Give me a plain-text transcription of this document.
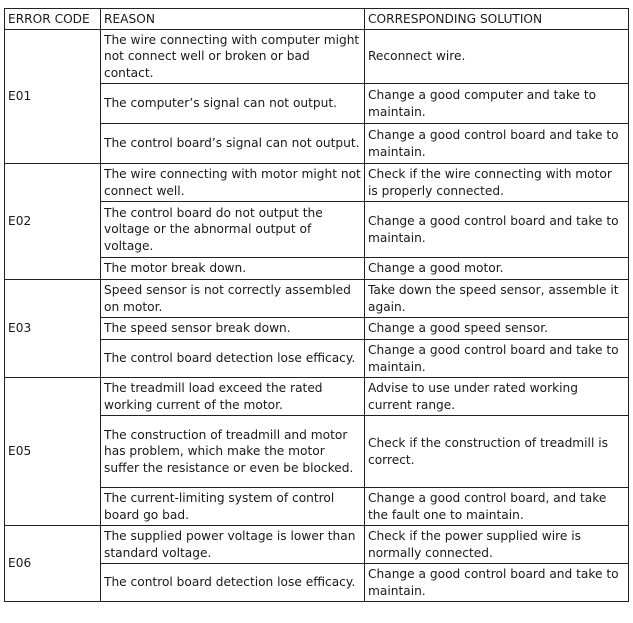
ERROR CODE	REASON	CORRESPONDING SOLUTION
E01	The wire connecting with computer might not connect well or broken or bad contact.	Reconnect wire.
	The computer’s signal can not output.	Change a good computer and take to maintain.
	The control board’s signal can not output.	Change a good control board and take to maintain.
E02	The wire connecting with motor might not connect well.	Check if the wire connecting with motor is properly connected.
	The control board do not output the voltage or the abnormal output of voltage.	Change a good control board and take to maintain.
	The motor break down.	Change a good motor.
E03	Speed sensor is not correctly assembled on motor.	Take down the speed sensor, assemble it again.
	The speed sensor break down.	Change a good speed sensor.
	The control board detection lose efficacy.	Change a good control board and take to maintain.
E05	The treadmill load exceed the rated working current of the motor.	Advise to use under rated working current range.
	The construction of treadmill and motor has problem, which make the motor suffer the resistance or even be blocked.	Check if the construction of treadmill is correct.
	The current-limiting system of control board go bad.	Change a good control board, and take the fault one to maintain.
E06	The supplied power voltage is lower than standard voltage.	Check if the power supplied wire is normally connected.
	The control board detection lose efficacy.	Change a good control board and take to maintain.
